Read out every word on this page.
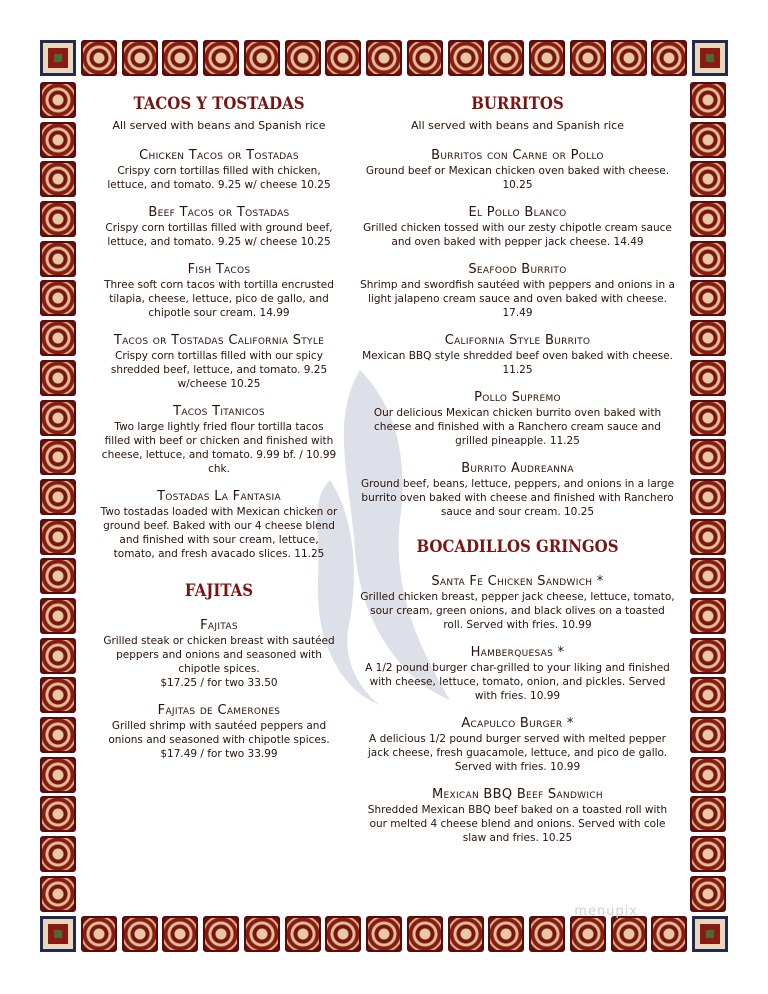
TACOS Y TOSTADAS
All served with beans and Spanish rice
Chicken Tacos or Tostadas
Crispy corn tortillas filled with chicken, lettuce, and tomato. 9.25 w/ cheese 10.25
Beef Tacos or Tostadas
Crispy corn tortillas filled with ground beef, lettuce, and tomato. 9.25 w/ cheese 10.25
Fish Tacos
Three soft corn tacos with tortilla encrusted tilapia, cheese, lettuce, pico de gallo, and chipotle sour cream. 14.99
Tacos or Tostadas California Style
Crispy corn tortillas filled with our spicy shredded beef, lettuce, and tomato. 9.25 w/cheese 10.25
Tacos Titanicos
Two large lightly fried flour tortilla tacos filled with beef or chicken and finished with cheese, lettuce, and tomato. 9.99 bf. / 10.99 chk.
Tostadas La Fantasia
Two tostadas loaded with Mexican chicken or ground beef. Baked with our 4 cheese blend and finished with sour cream, lettuce, tomato, and fresh avacado slices. 11.25
FAJITAS
Fajitas
Grilled steak or chicken breast with sautéed peppers and onions and seasoned with chipotle spices.
$17.25 / for two 33.50
Fajitas de Camerones
Grilled shrimp with sautéed peppers and onions and seasoned with chipotle spices.
$17.49 / for two 33.99
BURRITOS
All served with beans and Spanish rice
Burritos con Carne or Pollo
Ground beef or Mexican chicken oven baked with cheese. 10.25
El Pollo Blanco
Grilled chicken tossed with our zesty chipotle cream sauce and oven baked with pepper jack cheese. 14.49
Seafood Burrito
Shrimp and swordfish sautéed with peppers and onions in a light jalapeno cream sauce and oven baked with cheese. 17.49
California Style Burrito
Mexican BBQ style shredded beef oven baked with cheese. 11.25
Pollo Supremo
Our delicious Mexican chicken burrito oven baked with cheese and finished with a Ranchero cream sauce and grilled pineapple. 11.25
Burrito Audreanna
Ground beef, beans, lettuce, peppers, and onions in a large burrito oven baked with cheese and finished with Ranchero sauce and sour cream. 10.25
BOCADILLOS GRINGOS
Santa Fe Chicken Sandwich *
Grilled chicken breast, pepper jack cheese, lettuce, tomato, sour cream, green onions, and black olives on a toasted roll. Served with fries. 10.99
Hamberquesas *
A 1/2 pound burger char-grilled to your liking and finished with cheese, lettuce, tomato, onion, and pickles. Served with fries. 10.99
Acapulco Burger *
A delicious 1/2 pound burger served with melted pepper jack cheese, fresh guacamole, lettuce, and pico de gallo. Served with fries. 10.99
Mexican BBQ Beef Sandwich
Shredded Mexican BBQ beef baked on a toasted roll with our melted 4 cheese blend and onions. Served with cole slaw and fries. 10.25
menupix
